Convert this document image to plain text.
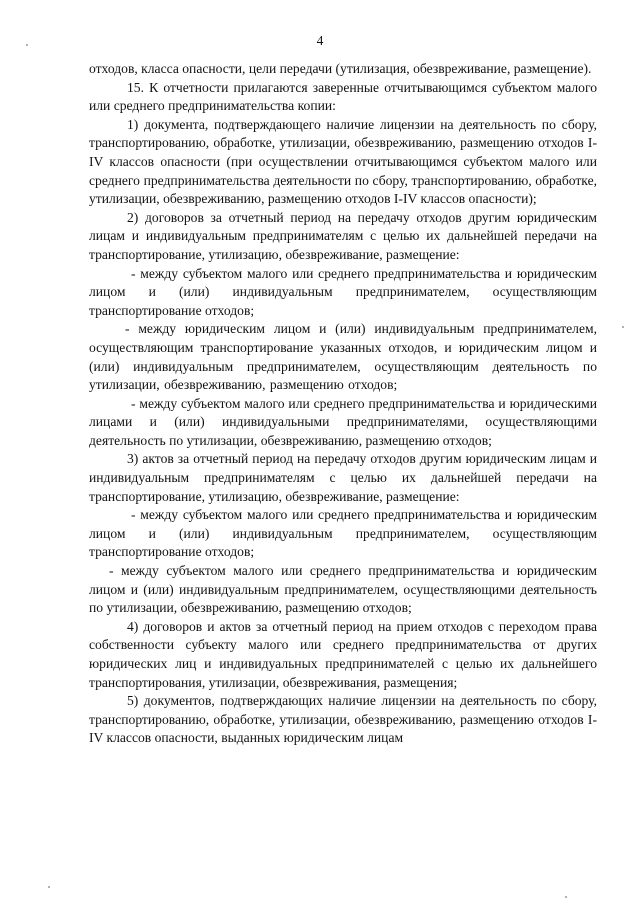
4

отходов, класса опасности, цели передачи (утилизация, обезвреживание, размещение).

15. К отчетности прилагаются заверенные отчитывающимся субъектом малого или среднего предпринимательства копии:

1) документа, подтверждающего наличие лицензии на деятельность по сбору, транспортированию, обработке, утилизации, обезвреживанию, размещению отходов I-IV классов опасности (при осуществлении отчитывающимся субъектом малого или среднего предпринимательства деятельности по сбору, транспортированию, обработке, утилизации, обезвреживанию, размещению отходов I-IV классов опасности);

2) договоров за отчетный период на передачу отходов другим юридическим лицам и индивидуальным предпринимателям с целью их дальнейшей передачи на транспортирование, утилизацию, обезвреживание, размещение:

- между субъектом малого или среднего предпринимательства и юридическим лицом и (или) индивидуальным предпринимателем, осуществляющим транспортирование отходов;

- между юридическим лицом и (или) индивидуальным предпринимателем, осуществляющим транспортирование указанных отходов, и юридическим лицом и (или) индивидуальным предпринимателем, осуществляющим деятельность по утилизации, обезвреживанию, размещению отходов;

- между субъектом малого или среднего предпринимательства и юридическими лицами и (или) индивидуальными предпринимателями, осуществляющими деятельность по утилизации, обезвреживанию, размещению отходов;

3) актов за отчетный период на передачу отходов другим юридическим лицам и индивидуальным предпринимателям с целью их дальнейшей передачи на транспортирование, утилизацию, обезвреживание, размещение:

- между субъектом малого или среднего предпринимательства и юридическим лицом и (или) индивидуальным предпринимателем, осуществляющим транспортирование отходов;

- между субъектом малого или среднего предпринимательства и юридическим лицом и (или) индивидуальным предпринимателем, осуществляющими деятельность по утилизации, обезвреживанию, размещению отходов;

4) договоров и актов за отчетный период на прием отходов с переходом права собственности субъекту малого или среднего предпринимательства от других юридических лиц и индивидуальных предпринимателей с целью их дальнейшего транспортирования, утилизации, обезвреживания, размещения;

5) документов, подтверждающих наличие лицензии на деятельность по сбору, транспортированию, обработке, утилизации, обезвреживанию, размещению отходов I-IV классов опасности, выданных юридическим лицам
